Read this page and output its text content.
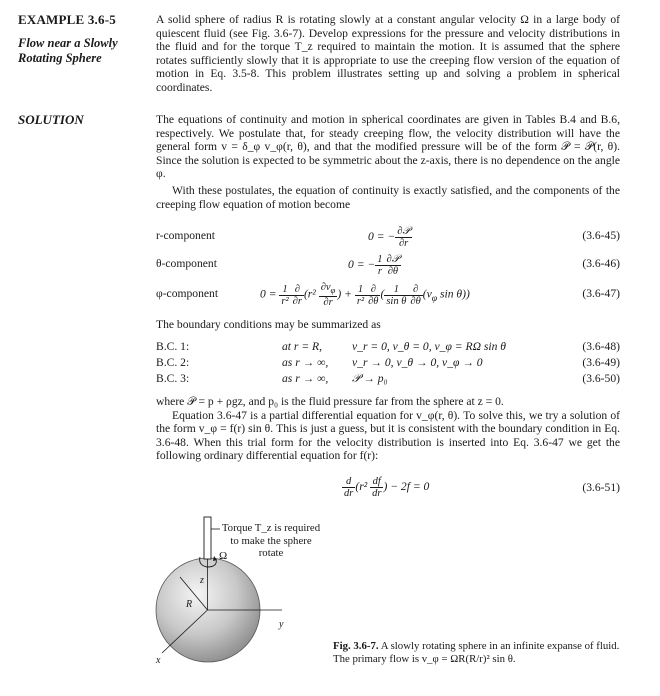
EXAMPLE 3.6-5
Flow near a Slowly
Rotating Sphere
SOLUTION
A solid sphere of radius R is rotating slowly at a constant angular velocity Ω in a large body of quiescent fluid (see Fig. 3.6-7). Develop expressions for the pressure and velocity distributions in the fluid and for the torque T_z required to maintain the motion. It is assumed that the sphere rotates sufficiently slowly that it is appropriate to use the creeping flow version of the equation of motion in Eq. 3.5-8. This problem illustrates setting up and solving a problem in spherical coordinates.
The equations of continuity and motion in spherical coordinates are given in Tables B.4 and B.6, respectively. We postulate that, for steady creeping flow, the velocity distribution will have the general form v = δ_φ v_φ(r, θ), and that the modified pressure will be of the form 𝒫 = 𝒫(r, θ). Since the solution is expected to be symmetric about the z-axis, there is no dependence on the angle φ.
With these postulates, the equation of continuity is exactly satisfied, and the components of the creeping flow equation of motion become
r-component	0 = − $\frac{\text{∂𝒫}}{\partial r}$	(3.6-45)
θ-component	0 = − $\frac{1}{r} \frac{\text{∂𝒫}}{\partial\theta}$	(3.6-46)
φ-component	$0 = \frac{1}{\text{r²}} \frac{\partial}{\partial r} (r^2 \frac{\partial v_\varphi}{\partial r}$ ) + $\frac{1}{\text{r²}} \frac{\partial}{\partial\theta}$ ( $\frac{1}{\text{sin θ}} \frac{\partial}{\partial\theta} (v_\varphi$ sin θ))	(3.6-47)
The boundary conditions may be summarized as
B.C. 1:	at r = R,	v_r = 0, v_θ = 0, v_φ = RΩ sin θ	(3.6-48)
B.C. 2:	as r → ∞, v_r → 0, v_θ → 0, v_φ → 0	(3.6-49)
B.C. 3:	as r → ∞, 𝒫 → p₀	(3.6-50)
where 𝒫 = p + ρgz, and p₀ is the fluid pressure far from the sphere at z = 0.
Equation 3.6-47 is a partial differential equation for v_φ(r, θ). To solve this, we try a solution of the form v_φ = f(r) sin θ. This is just a guess, but it is consistent with the boundary condition in Eq. 3.6-48. When this trial form for the velocity distribution is inserted into Eq. 3.6-47 we get the following ordinary differential equation for f(r):
$\frac{d}{dr} (r^2 \frac{df}{dr}$ ) − 2f = 0	(3.6-51)
Ω
z
R
y
x
Torque T_z is required
to make the sphere
rotate
Fig. 3.6-7. A slowly rotating sphere in an infinite expanse of fluid. The primary flow is v_φ = ΩR(R/r)² sin θ.
